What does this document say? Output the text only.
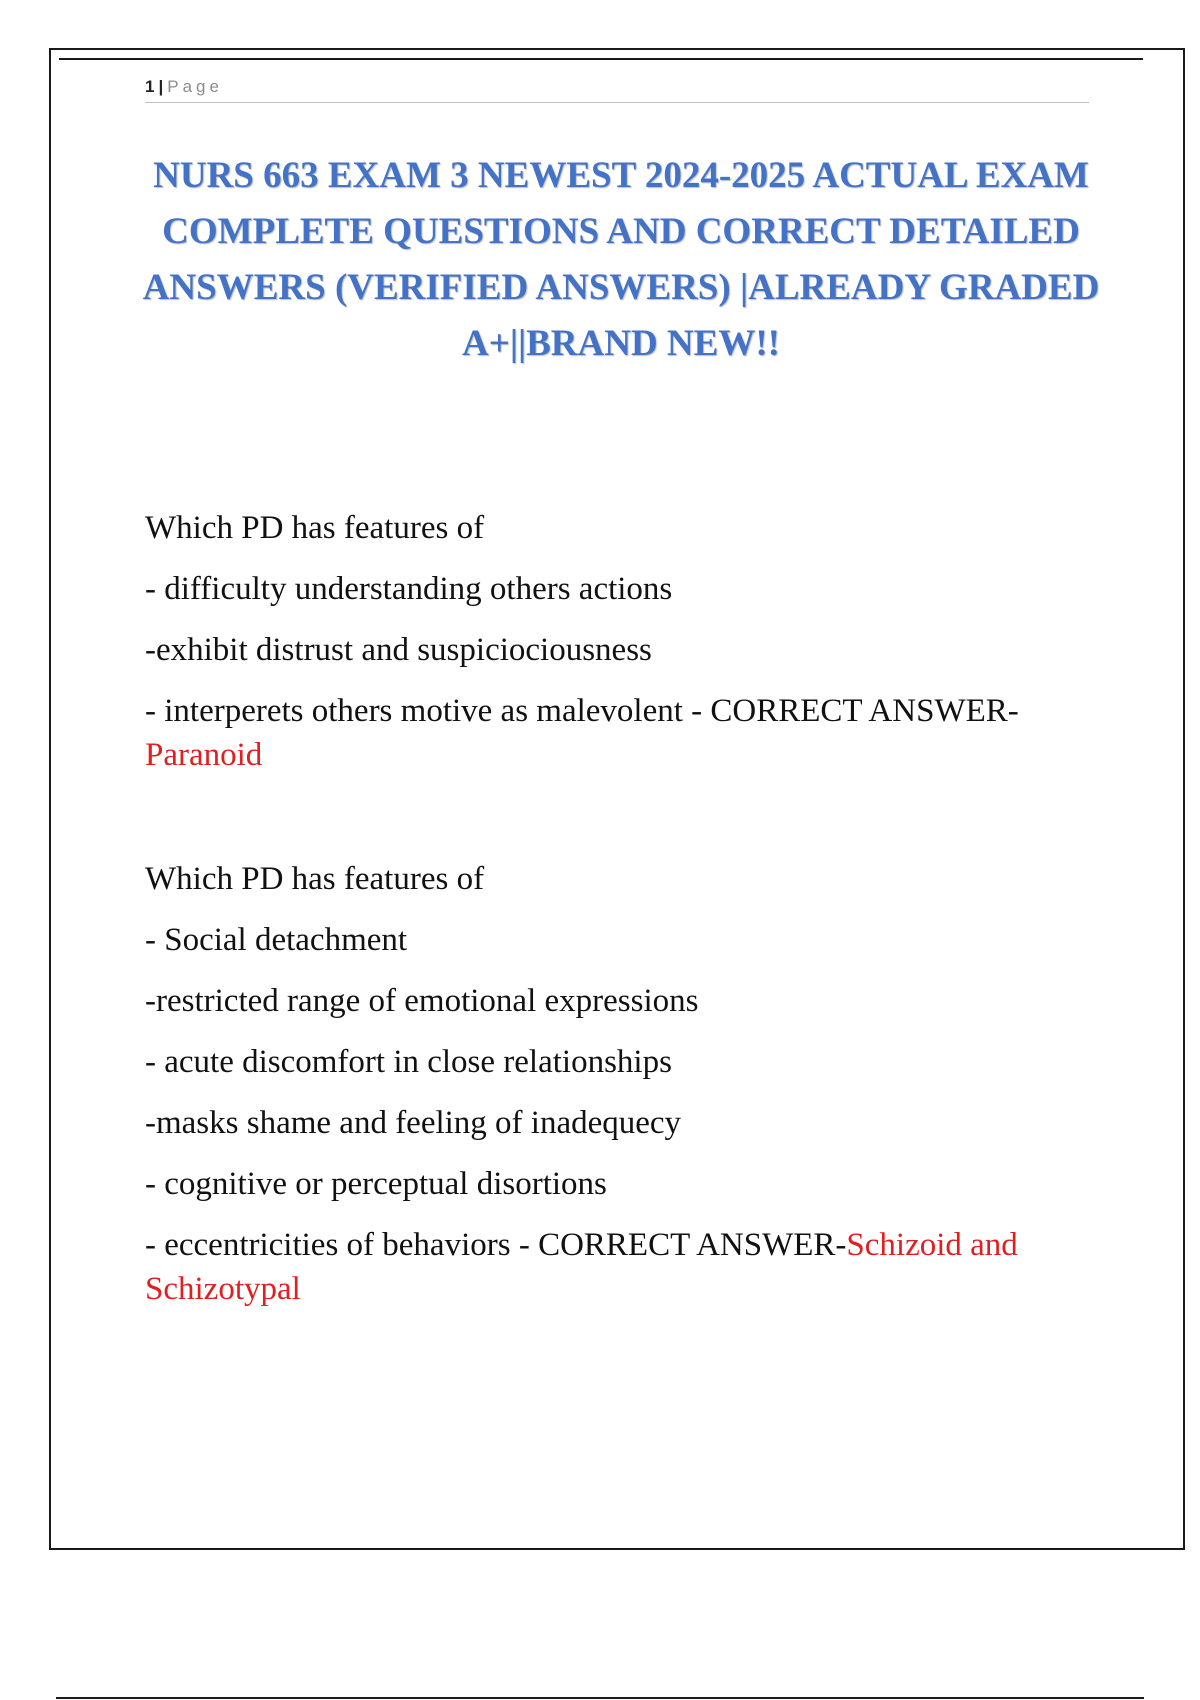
1 | Page
NURS 663 EXAM 3 NEWEST 2024-2025 ACTUAL EXAM COMPLETE QUESTIONS AND CORRECT DETAILED ANSWERS (VERIFIED ANSWERS) |ALREADY GRADED A+||BRAND NEW!!

Which PD has features of

- difficulty understanding others actions

-exhibit distrust and suspiciociousness

- interperets others motive as malevolent - CORRECT ANSWER-Paranoid

Which PD has features of

- Social detachment

-restricted range of emotional expressions

- acute discomfort in close relationships

-masks shame and feeling of inadequecy

- cognitive or perceptual disortions

- eccentricities of behaviors - CORRECT ANSWER-Schizoid and Schizotypal
